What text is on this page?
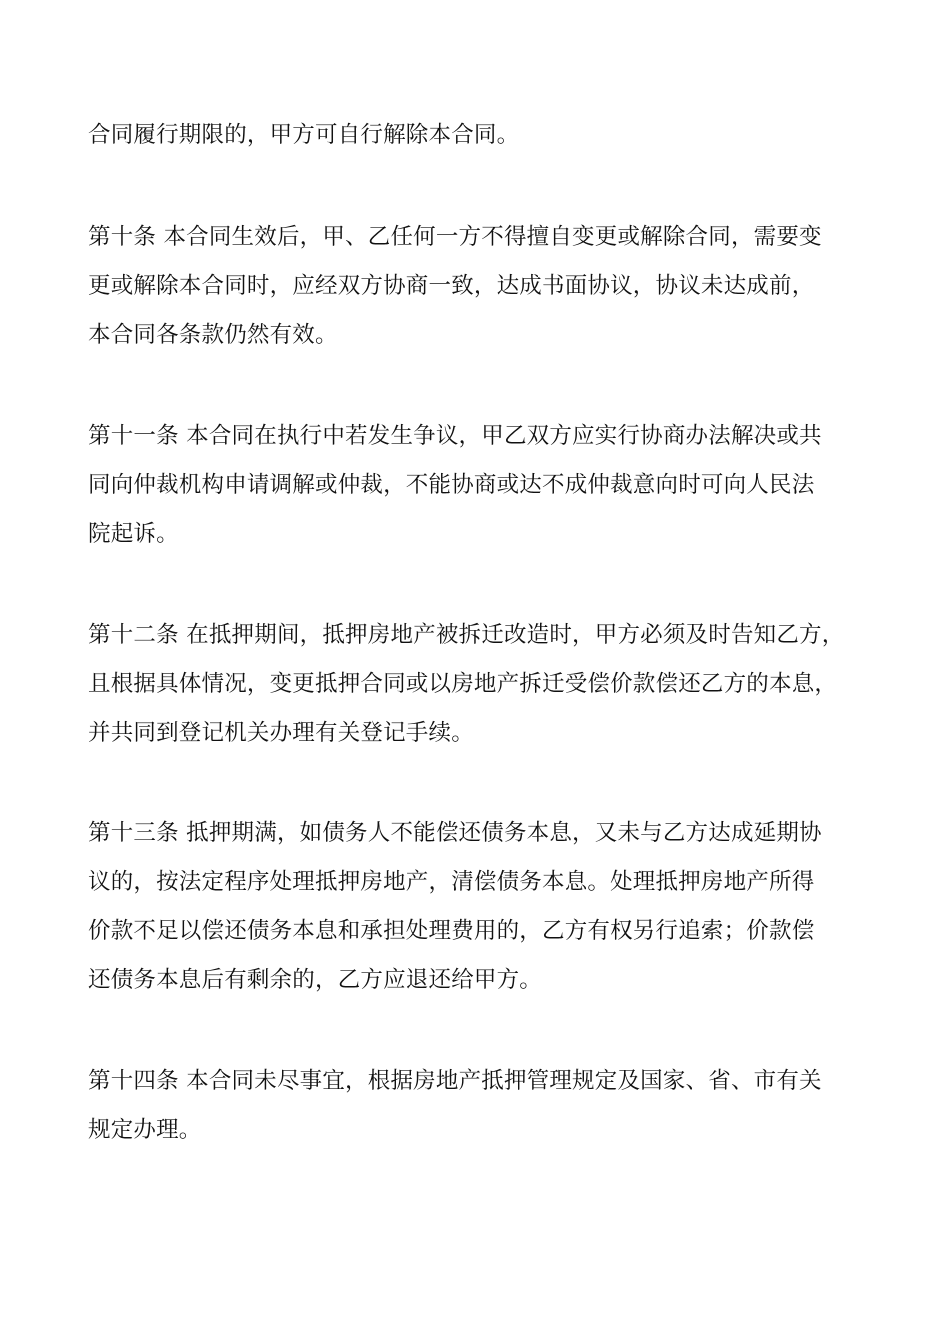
合同履行期限的，甲方可自行解除本合同。
第十条 本合同生效后，甲、乙任何一方不得擅自变更或解除合同，需要变
更或解除本合同时，应经双方协商一致，达成书面协议，协议未达成前，
本合同各条款仍然有效。
第十一条 本合同在执行中若发生争议，甲乙双方应实行协商办法解决或共
同向仲裁机构申请调解或仲裁，不能协商或达不成仲裁意向时可向人民法
院起诉。
第十二条 在抵押期间，抵押房地产被拆迁改造时，甲方必须及时告知乙方，
且根据具体情况，变更抵押合同或以房地产拆迁受偿价款偿还乙方的本息，
并共同到登记机关办理有关登记手续。
第十三条 抵押期满，如债务人不能偿还债务本息，又未与乙方达成延期协
议的，按法定程序处理抵押房地产，清偿债务本息。处理抵押房地产所得
价款不足以偿还债务本息和承担处理费用的，乙方有权另行追索；价款偿
还债务本息后有剩余的，乙方应退还给甲方。
第十四条 本合同未尽事宜，根据房地产抵押管理规定及国家、省、市有关
规定办理。
